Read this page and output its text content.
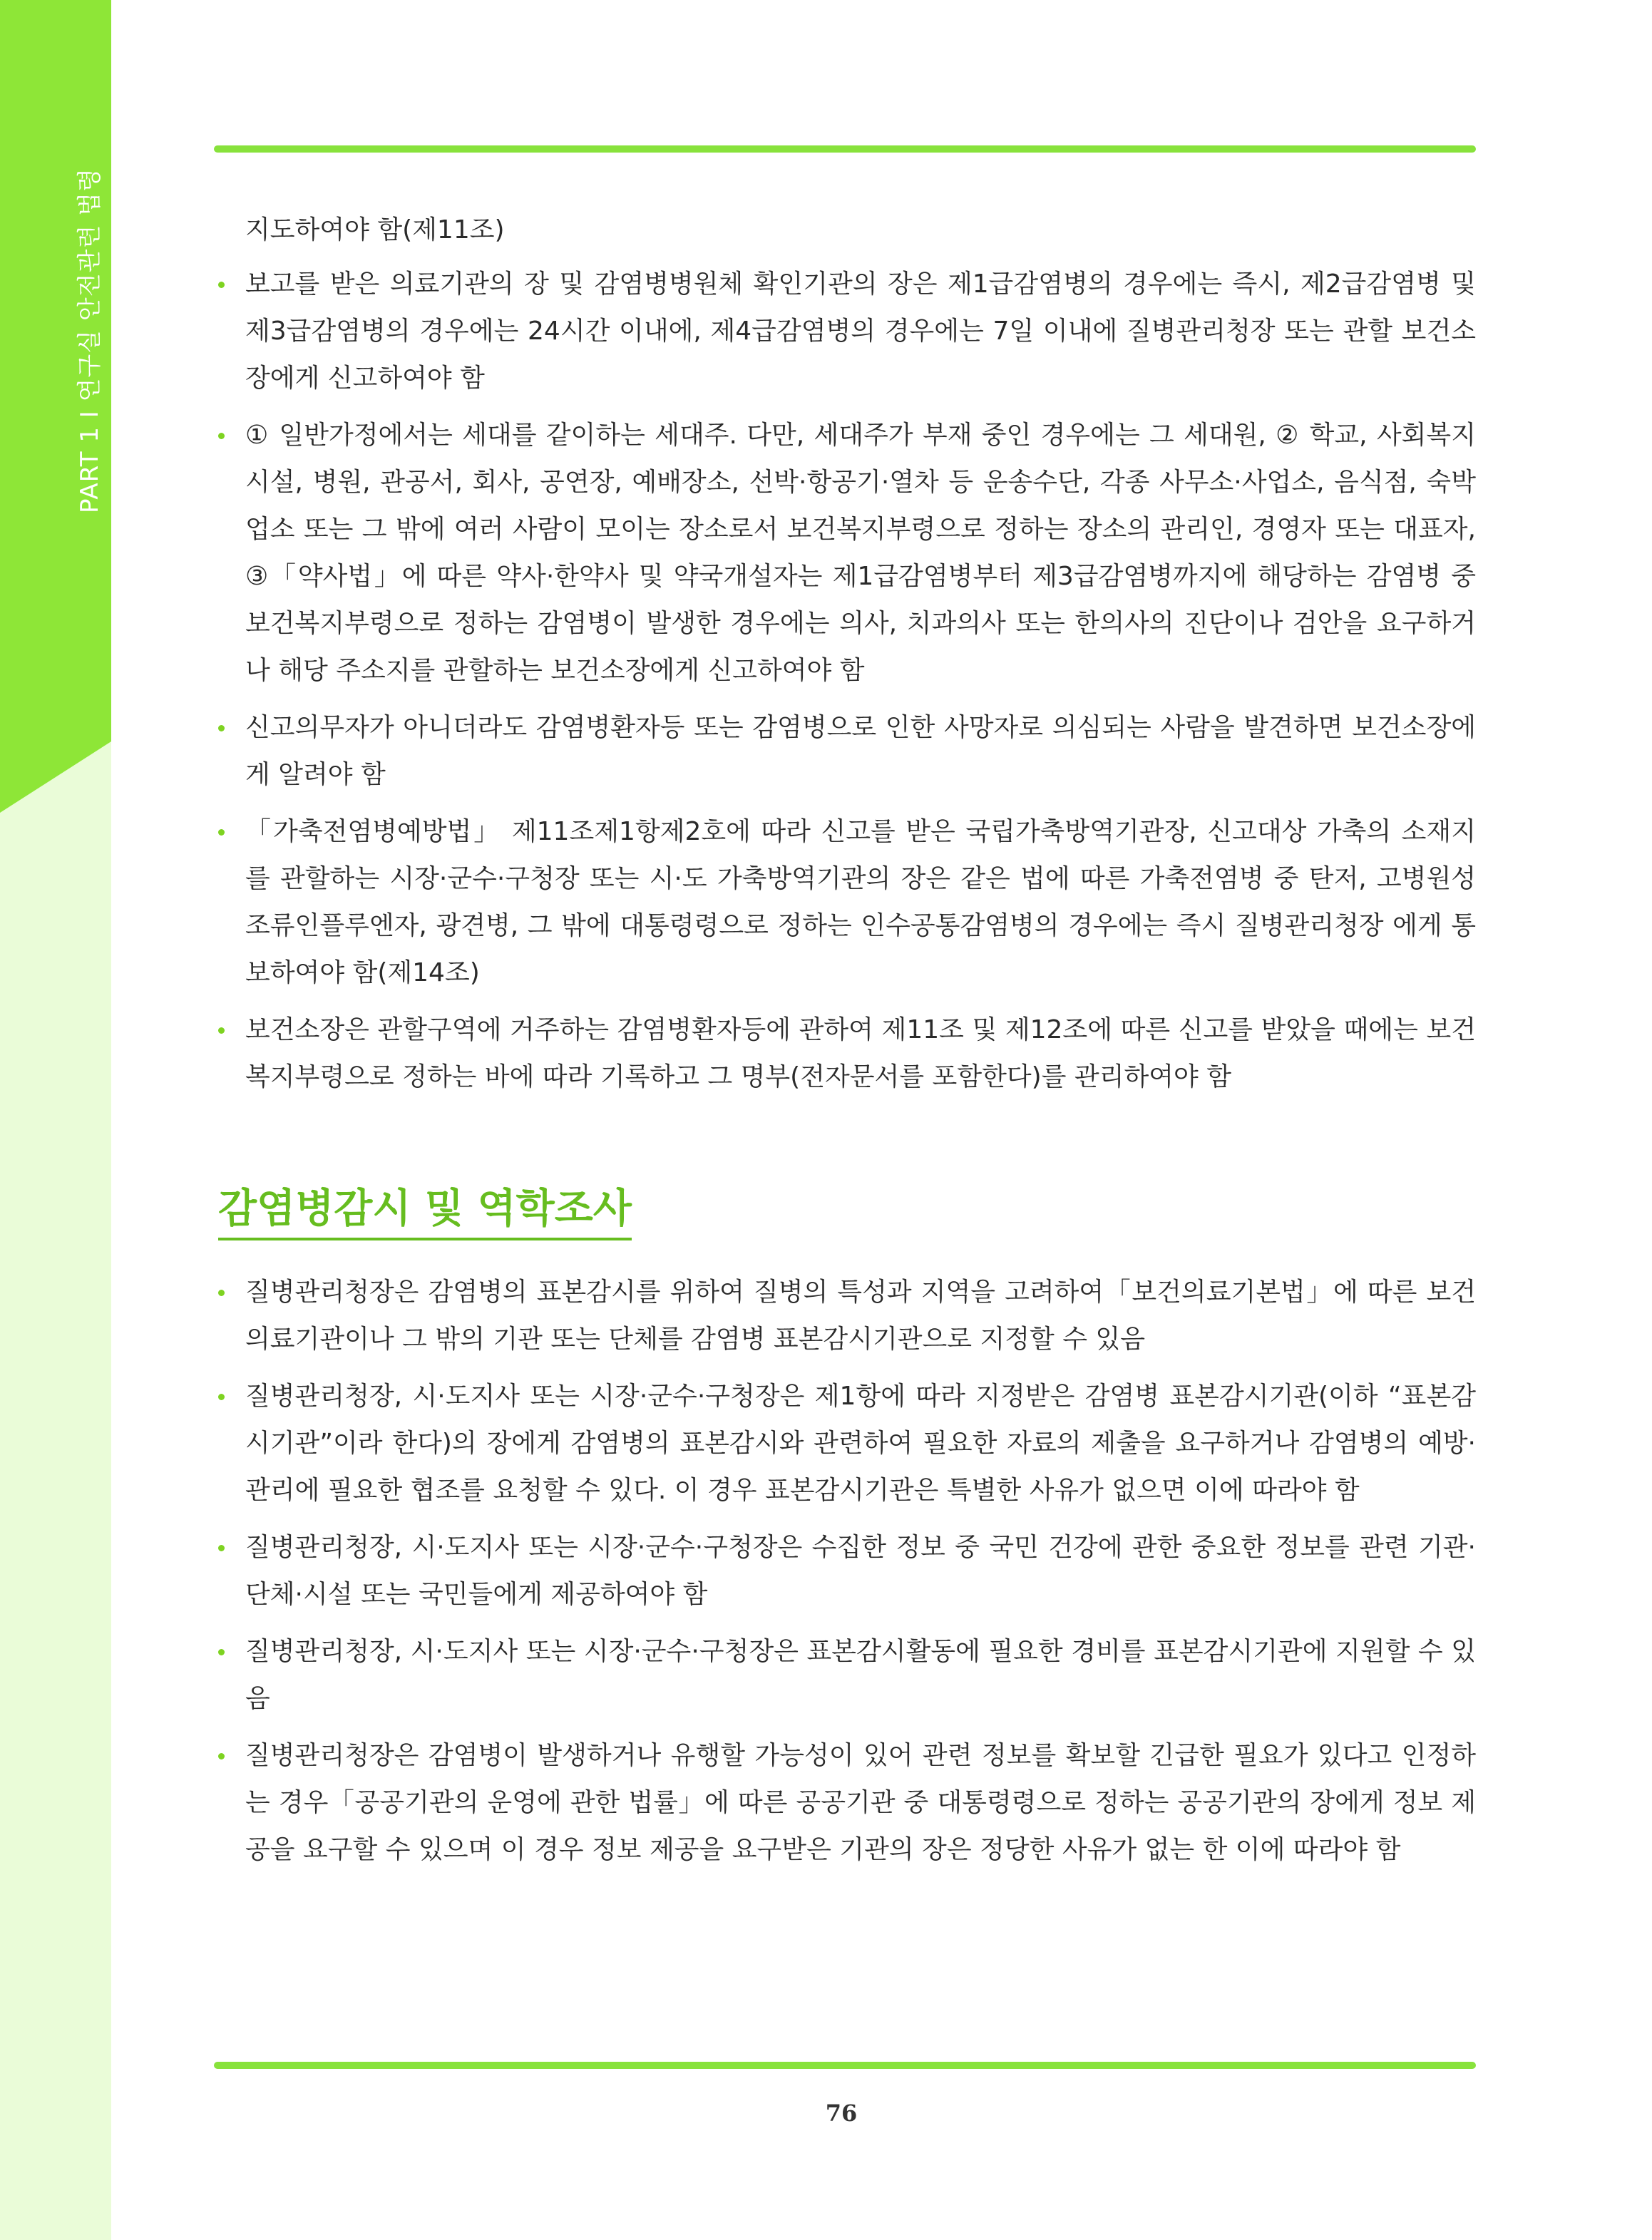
PART 1 Ι 연구실 안전관련 법령	지도하여야 함(제11조)

보고를 받은 의료기관의 장 및 감염병병원체 확인기관의 장은 제1급감염병의 경우에는 즉시, 제2급감염병 및 제3급감염병의 경우에는 24시간 이내에, 제4급감염병의 경우에는 7일 이내에 질병관리청장 또는 관할 보건소장에게 신고하여야 함
① 일반가정에서는 세대를 같이하는 세대주. 다만, 세대주가 부재 중인 경우에는 그 세대원, ② 학교, 사회복지시설, 병원, 관공서, 회사, 공연장, 예배장소, 선박·항공기·열차 등 운송수단, 각종 사무소·사업소, 음식점, 숙박업소 또는 그 밖에 여러 사람이 모이는 장소로서 보건복지부령으로 정하는 장소의 관리인, 경영자 또는 대표자, ③「약사법」에 따른 약사·한약사 및 약국개설자는 제1급감염병부터 제3급감염병까지에 해당하는 감염병 중 보건복지부령으로 정하는 감염병이 발생한 경우에는 의사, 치과의사 또는 한의사의 진단이나 검안을 요구하거나 해당 주소지를 관할하는 보건소장에게 신고하여야 함
신고의무자가 아니더라도 감염병환자등 또는 감염병으로 인한 사망자로 의심되는 사람을 발견하면 보건소장에게 알려야 함
「가축전염병예방법」 제11조제1항제2호에 따라 신고를 받은 국립가축방역기관장, 신고대상 가축의 소재지를 관할하는 시장·군수·구청장 또는 시·도 가축방역기관의 장은 같은 법에 따른 가축전염병 중 탄저, 고병원성 조류인플루엔자, 광견병, 그 밖에 대통령령으로 정하는 인수공통감염병의 경우에는 즉시 질병관리청장 에게 통보하여야 함(제14조)
보건소장은 관할구역에 거주하는 감염병환자등에 관하여 제11조 및 제12조에 따른 신고를 받았을 때에는 보건복지부령으로 정하는 바에 따라 기록하고 그 명부(전자문서를 포함한다)를 관리하여야 함
감염병감시 및 역학조사
질병관리청장은 감염병의 표본감시를 위하여 질병의 특성과 지역을 고려하여「보건의료기본법」에 따른 보건의료기관이나 그 밖의 기관 또는 단체를 감염병 표본감시기관으로 지정할 수 있음
질병관리청장, 시·도지사 또는 시장·군수·구청장은 제1항에 따라 지정받은 감염병 표본감시기관(이하 “표본감시기관”이라 한다)의 장에게 감염병의 표본감시와 관련하여 필요한 자료의 제출을 요구하거나 감염병의 예방·관리에 필요한 협조를 요청할 수 있다. 이 경우 표본감시기관은 특별한 사유가 없으면 이에 따라야 함
질병관리청장, 시·도지사 또는 시장·군수·구청장은 수집한 정보 중 국민 건강에 관한 중요한 정보를 관련 기관·단체·시설 또는 국민들에게 제공하여야 함
질병관리청장, 시·도지사 또는 시장·군수·구청장은 표본감시활동에 필요한 경비를 표본감시기관에 지원할 수 있음
질병관리청장은 감염병이 발생하거나 유행할 가능성이 있어 관련 정보를 확보할 긴급한 필요가 있다고 인정하는 경우「공공기관의 운영에 관한 법률」에 따른 공공기관 중 대통령령으로 정하는 공공기관의 장에게 정보 제공을 요구할 수 있으며 이 경우 정보 제공을 요구받은 기관의 장은 정당한 사유가 없는 한 이에 따라야 함
76
